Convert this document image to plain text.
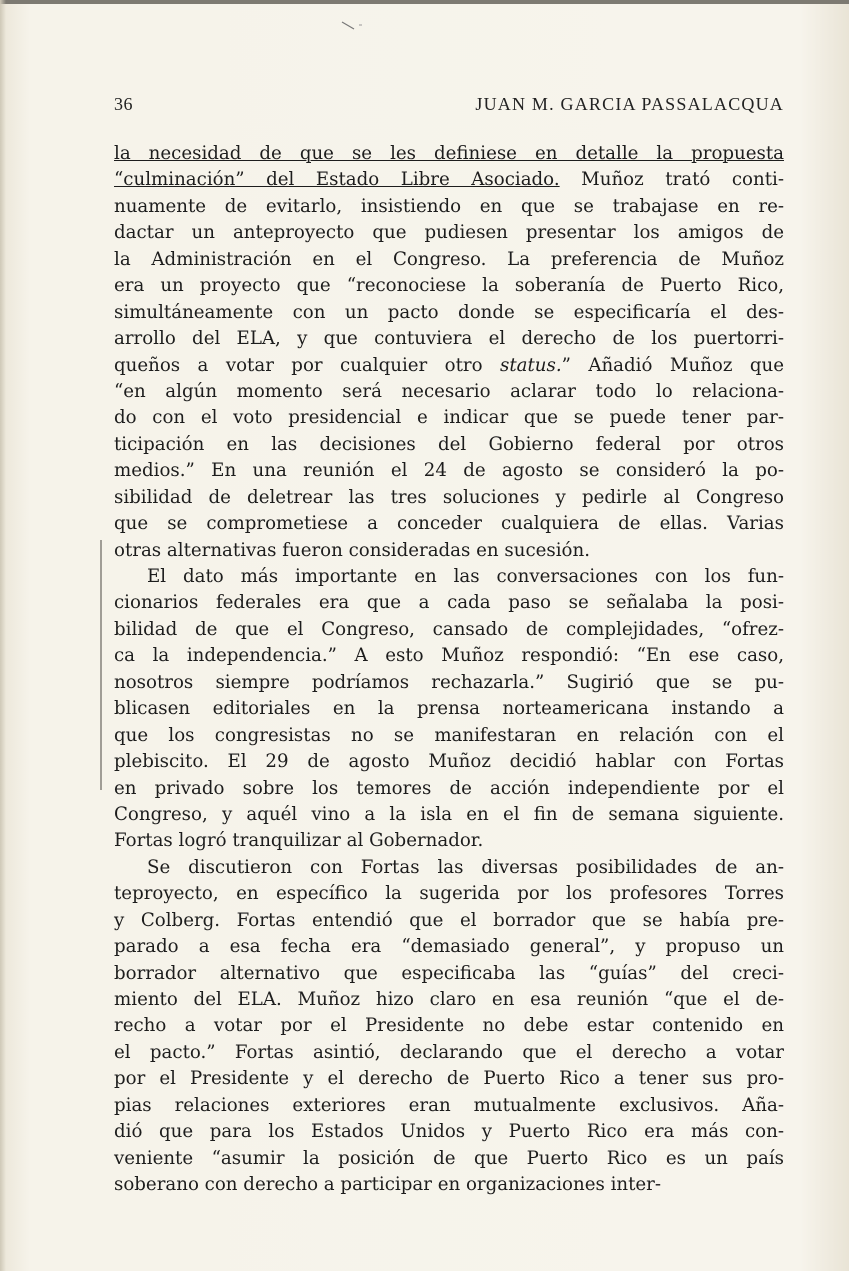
36	JUAN M. GARCIA PASSALACQUA
la necesidad de que se les definiese en detalle la propuesta
“culminación” del Estado Libre Asociado. Muñoz trató conti-
nuamente de evitarlo, insistiendo en que se trabajase en re-
dactar un anteproyecto que pudiesen presentar los amigos de
la Administración en el Congreso. La preferencia de Muñoz
era un proyecto que “reconociese la soberanía de Puerto Rico,
simultáneamente con un pacto donde se especificaría el des-
arrollo del ELA, y que contuviera el derecho de los puertorri-
queños a votar por cualquier otro status.” Añadió Muñoz que
“en algún momento será necesario aclarar todo lo relaciona-
do con el voto presidencial e indicar que se puede tener par-
ticipación en las decisiones del Gobierno federal por otros
medios.” En una reunión el 24 de agosto se consideró la po-
sibilidad de deletrear las tres soluciones y pedirle al Congreso
que se comprometiese a conceder cualquiera de ellas. Varias
otras alternativas fueron consideradas en sucesión.
El dato más importante en las conversaciones con los fun-
cionarios federales era que a cada paso se señalaba la posi-
bilidad de que el Congreso, cansado de complejidades, “ofrez-
ca la independencia.” A esto Muñoz respondió: “En ese caso,
nosotros siempre podríamos rechazarla.” Sugirió que se pu-
blicasen editoriales en la prensa norteamericana instando a
que los congresistas no se manifestaran en relación con el
plebiscito. El 29 de agosto Muñoz decidió hablar con Fortas
en privado sobre los temores de acción independiente por el
Congreso, y aquél vino a la isla en el fin de semana siguiente.
Fortas logró tranquilizar al Gobernador.
Se discutieron con Fortas las diversas posibilidades de an-
teproyecto, en específico la sugerida por los profesores Torres
y Colberg. Fortas entendió que el borrador que se había pre-
parado a esa fecha era “demasiado general”, y propuso un
borrador alternativo que especificaba las “guías” del creci-
miento del ELA. Muñoz hizo claro en esa reunión “que el de-
recho a votar por el Presidente no debe estar contenido en
el pacto.” Fortas asintió, declarando que el derecho a votar
por el Presidente y el derecho de Puerto Rico a tener sus pro-
pias relaciones exteriores eran mutualmente exclusivos. Aña-
dió que para los Estados Unidos y Puerto Rico era más con-
veniente “asumir la posición de que Puerto Rico es un país
soberano con derecho a participar en organizaciones inter-
